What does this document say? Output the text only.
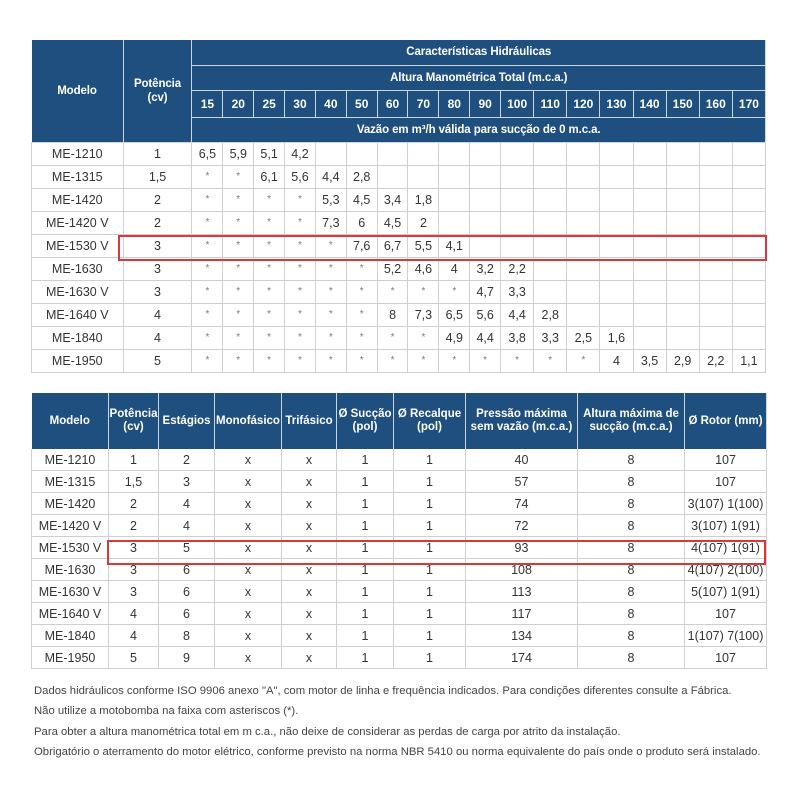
Modelo	Potência (cv)	Características Hidráulicas																	
		Altura Manométrica Total (m.c.a.)																	
		15	20	25	30	40	50	60	70	80	90	100	110	120	130	140	150	160	170
		Vazão em m³/h válida para sucção de 0 m.c.a.																	
ME-1210	1	6,5	5,9	5,1	4,2														
ME-1315	1,5	*	*	6,1	5,6	4,4	2,8												
ME-1420	2	*	*	*	*	5,3	4,5	3,4	1,8										
ME-1420 V	2	*	*	*	*	7,3	6	4,5	2										
ME-1530 V	3	*	*	*	*	*	7,6	6,7	5,5	4,1									
ME-1630	3	*	*	*	*	*	*	5,2	4,6	4	3,2	2,2							
ME-1630 V	3	*	*	*	*	*	*	*	*	*	4,7	3,3							
ME-1640 V	4	*	*	*	*	*	*	8	7,3	6,5	5,6	4,4	2,8						
ME-1840	4	*	*	*	*	*	*	*	*	4,9	4,4	3,8	3,3	2,5	1,6				
ME-1950	5	*	*	*	*	*	*	*	*	*	*	*	*	*	4	3,5	2,9	2,2	1,1
Modelo	Potência (cv)	Estágios	Monofásico	Trifásico	Ø Sucção (pol)	Ø Recalque (pol)	Pressão máxima sem vazão (m.c.a.)	Altura máxima de sucção (m.c.a.)	Ø Rotor (mm)
ME-1210	1	2	x	x	1	1	40	8	107
ME-1315	1,5	3	x	x	1	1	57	8	107
ME-1420	2	4	x	x	1	1	74	8	3(107) 1(100)
ME-1420 V	2	4	x	x	1	1	72	8	3(107) 1(91)
ME-1530 V	3	5	x	x	1	1	93	8	4(107) 1(91)
ME-1630	3	6	x	x	1	1	108	8	4(107) 2(100)
ME-1630 V	3	6	x	x	1	1	113	8	5(107) 1(91)
ME-1640 V	4	6	x	x	1	1	117	8	107
ME-1840	4	8	x	x	1	1	134	8	1(107) 7(100)
ME-1950	5	9	x	x	1	1	174	8	107
Dados hidráulicos conforme ISO 9906 anexo "A", com motor de linha e frequência indicados. Para condições diferentes consulte a Fábrica.
Não utilize a motobomba na faixa com asteriscos (*).
Para obter a altura manométrica total em m c.a., não deixe de considerar as perdas de carga por atrito da instalação.
Obrigatório o aterramento do motor elétrico, conforme previsto na norma NBR 5410 ou norma equivalente do país onde o produto será instalado.
